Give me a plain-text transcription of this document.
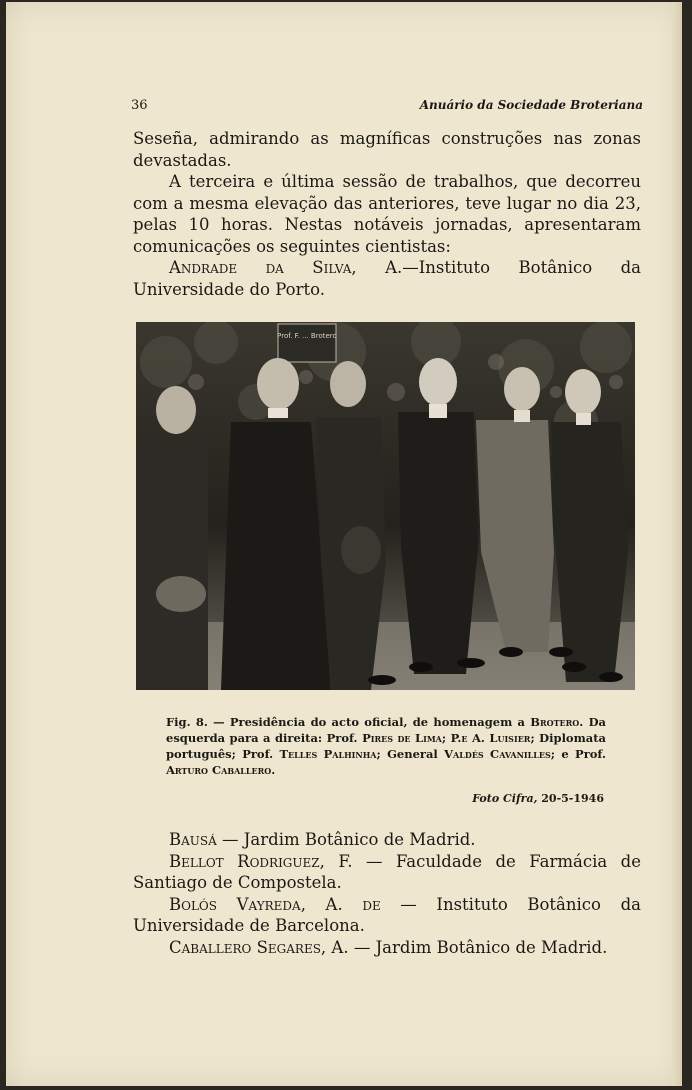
36	Anuário da Sociedade Broteriana

Seseña, admirando as magníficas construções nas zonas devastadas.

A terceira e última sessão de trabalhos, que decorreu com a mesma elevação das anteriores, teve lugar no dia 23, pelas 10 horas. Nestas notáveis jornadas, apresentaram comunicações os seguintes cientistas:

Andrade da Silva, A.—Instituto Botânico da Universidade do Porto.

Prof. F. ... Brotero

Fig. 8. — Presidência do acto oficial, de homenagem a Brotero. Da esquerda para a direita: Prof. Pires de Lima; P.e A. Luisier; Diplomata português; Prof. Telles Palhinha; General Valdés Cavanilles; e Prof. Arturo Caballero.

Foto Cifra, 20-5-1946

Bausá — Jardim Botânico de Madrid.

Bellot Rodriguez, F. — Faculdade de Farmácia de Santiago de Compostela.

Bolós Vayreda, A. de — Instituto Botânico da Universidade de Barcelona.

Caballero Segares, A. — Jardim Botânico de Madrid.
